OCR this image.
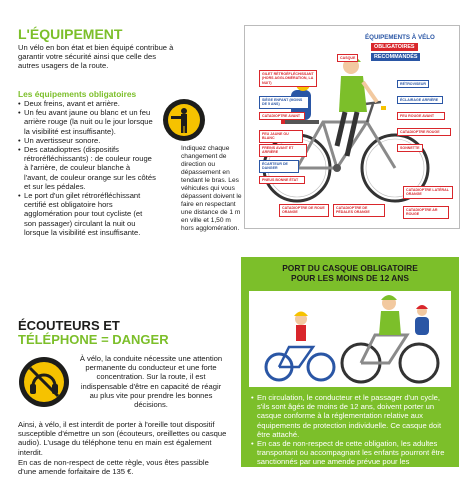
L'ÉQUIPEMENT
Un vélo en bon état et bien équipé contribue à garantir votre sécurité ainsi que celle des autres usagers de la route.
Les équipements obligatoires
• Deux freins, avant et arrière.
• Un feu avant jaune ou blanc et un feu arrière rouge (la nuit ou le jour lorsque la visibilité est insuffisante).
• Un avertisseur sonore.
• Des catadioptres (dispositifs rétroréfléchissants) : de couleur rouge à l'arrière, de couleur blanche à l'avant, de couleur orange sur les côtés et sur les pédales.
• Le port d'un gilet rétroréfléchissant certifié est obligatoire hors agglomération pour tout cycliste (et son passager) circulant la nuit ou lorsque la visibilité est insuffisante.
Indiquez chaque changement de direction ou dépassement en tendant le bras. Les véhicules qui vous dépassent doivent le faire en respectant une distance de 1 m en ville et 1,50 m hors agglomération.
ÉQUIPEMENTS À VÉLO
OBLIGATOIRES
RECOMMANDÉS
CASQUE
GILET RÉTROÉFLÉCHISSANT (HORS AGGLOMÉRATION, LA NUIT)
SIÈGE ENFANT (MOINS DE 5 ANS)
CATADIOPTRE AVANT
FEU JAUNE OU BLANC
FREINS AVANT ET ARRIÈRE
RÉTROVISEUR
ÉCLAIRAGE ARRIÈRE
FEU ROUGE AVANT
CATADIOPTRE ROUGE
SONNETTE
ÉCARTEUR DE DANGER
PNEUS BONNE ÉTAT
CATADIOPTRE DE ROUE ORANGE
CATADIOPTRE DE PÉDALES ORANGE
CATADIOPTRE LATÉRAL ORANGE
CATADIOPTRE AR ROUGE
ÉCOUTEURS ET
TÉLÉPHONE = DANGER
À vélo, la conduite nécessite une attention permanente du conducteur et une forte concentration. Sur la route, il est indispensable d'être en capacité de réagir au plus vite pour prendre les bonnes décisions.
Ainsi, à vélo, il est interdit de porter à l'oreille tout dispositif susceptible d'émettre un son (écouteurs, oreillettes ou casque audio). L'usage du téléphone tenu en main est également interdit.
En cas de non-respect de cette règle, vous êtes passible d'une amende forfaitaire de 135 €.
PORT DU CASQUE OBLIGATOIRE
POUR LES MOINS DE 12 ANS
• En circulation, le conducteur et le passager d'un cycle, s'ils sont âgés de moins de 12 ans, doivent porter un casque conforme à la réglementation relative aux équipements de protection individuelle. Ce casque doit être attaché.
• En cas de non-respect de cette obligation, les adultes transportant ou accompagnant les enfants pourront être sanctionnés par une amende prévue pour les contraventions de quatrième classe (135 €).
